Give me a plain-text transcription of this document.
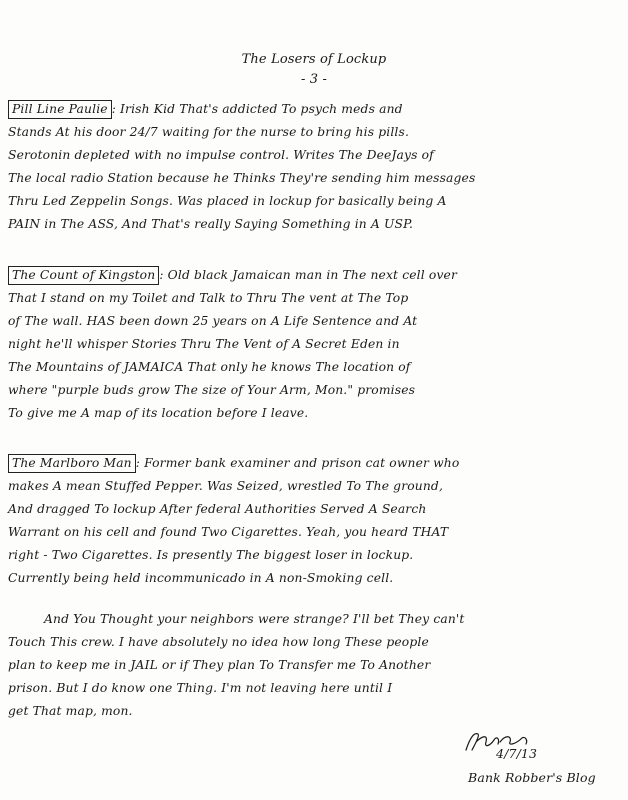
The Losers of Lockup
- 3 -
Pill Line Paulie : Irish Kid That's addicted To psych meds and
Stands At his door 24/7 waiting for the nurse to bring his pills.
Serotonin depleted with no impulse control. Writes The DeeJays of
The local radio Station because he Thinks They're sending him messages
Thru Led Zeppelin Songs. Was placed in lockup for basically being A
PAIN in The ASS, And That's really Saying Something in A USP.
The Count of Kingston : Old black Jamaican man in The next cell over
That I stand on my Toilet and Talk to Thru The vent at The Top
of The wall. HAS been down 25 years on A Life Sentence and At
night he'll whisper Stories Thru The Vent of A Secret Eden in
The Mountains of JAMAICA That only he knows The location of
where "purple buds grow The size of Your Arm, Mon." promises
To give me A map of its location before I leave.
The Marlboro Man : Former bank examiner and prison cat owner who
makes A mean Stuffed Pepper. Was Seized, wrestled To The ground,
And dragged To lockup After federal Authorities Served A Search
Warrant on his cell and found Two Cigarettes. Yeah, you heard THAT
right - Two Cigarettes. Is presently The biggest loser in lockup.
Currently being held incommunicado in A non-Smoking cell.
And You Thought your neighbors were strange? I'll bet They can't
Touch This crew. I have absolutely no idea how long These people
plan to keep me in JAIL or if They plan To Transfer me To Another
prison. But I do know one Thing. I'm not leaving here until I
get That map, mon.
4/7/13
Bank Robber's Blog
